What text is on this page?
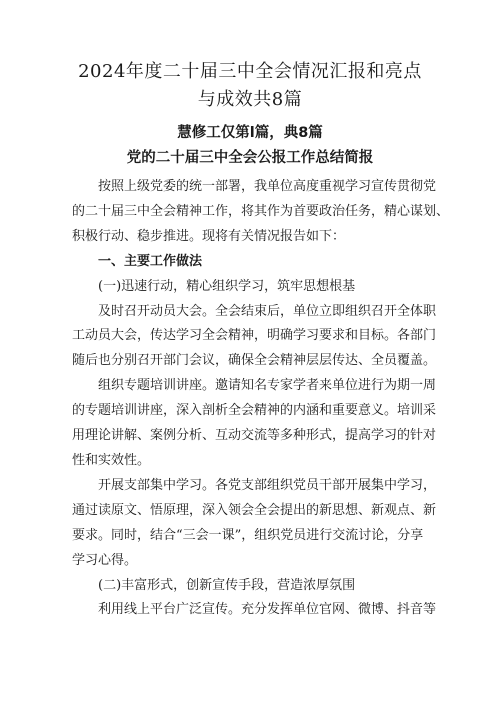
2024年度二十届三中全会情况汇报和亮点
与成效共8篇
慧修工仅第l篇，典8篇
党的二十届三中全会公报工作总结简报
按照上级党委的统一部署，我单位高度重视学习宣传贯彻党
的二十届三中全会精神工作，将其作为首要政治任务，精心谋划、
积极行动、稳步推进。现将有关情况报告如下：
一、主要工作做法
(一)迅速行动，精心组织学习，筑牢思想根基
及时召开动员大会。全会结束后，单位立即组织召开全体职
工动员大会，传达学习全会精神，明确学习要求和目标。各部门
随后也分别召开部门会议，确保全会精神层层传达、全员覆盖。
组织专题培训讲座。邀请知名专家学者来单位进行为期一周
的专题培训讲座，深入剖析全会精神的内涵和重要意义。培训采
用理论讲解、案例分析、互动交流等多种形式，提高学习的针对
性和实效性。
开展支部集中学习。各党支部组织党员干部开展集中学习，
通过读原文、悟原理，深入领会全会提出的新思想、新观点、新
要求。同时，结合“三会一课”，组织党员进行交流讨论，分享
学习心得。
(二)丰富形式，创新宣传手段，营造浓厚氛围
利用线上平台广泛宣传。充分发挥单位官网、微博、抖音等
